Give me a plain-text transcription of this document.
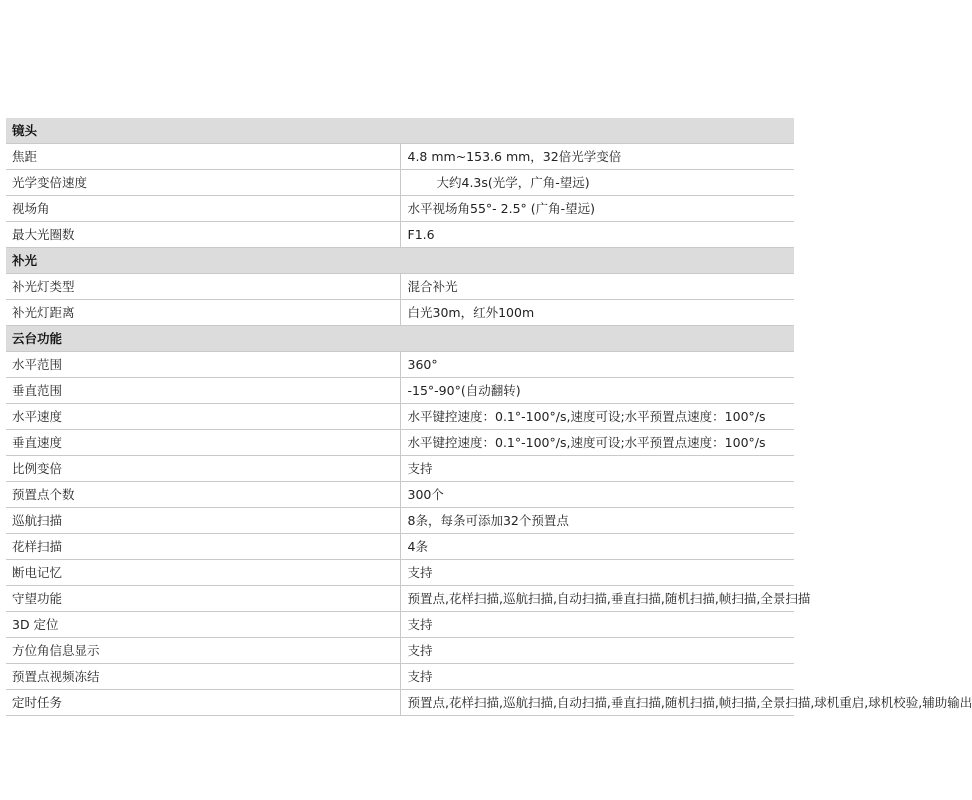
镜头	
焦距	4.8 mm~153.6 mm，32倍光学变倍
光学变倍速度	大约4.3s(光学，广角-望远)
视场角	水平视场角55°- 2.5° (广角-望远)
最大光圈数	F1.6
补光	
补光灯类型	混合补光
补光灯距离	白光30m，红外100m
云台功能	
水平范围	360°
垂直范围	-15°-90°(自动翻转)
水平速度	水平键控速度：0.1°-100°/s,速度可设;水平预置点速度：100°/s
垂直速度	水平键控速度：0.1°-100°/s,速度可设;水平预置点速度：100°/s
比例变倍	支持
预置点个数	300个
巡航扫描	8条，每条可添加32个预置点
花样扫描	4条
断电记忆	支持
守望功能	预置点,花样扫描,巡航扫描,自动扫描,垂直扫描,随机扫描,帧扫描,全景扫描
3D 定位	支持
方位角信息显示	支持
预置点视频冻结	支持
定时任务	预置点,花样扫描,巡航扫描,自动扫描,垂直扫描,随机扫描,帧扫描,全景扫描,球机重启,球机校验,辅助输出
